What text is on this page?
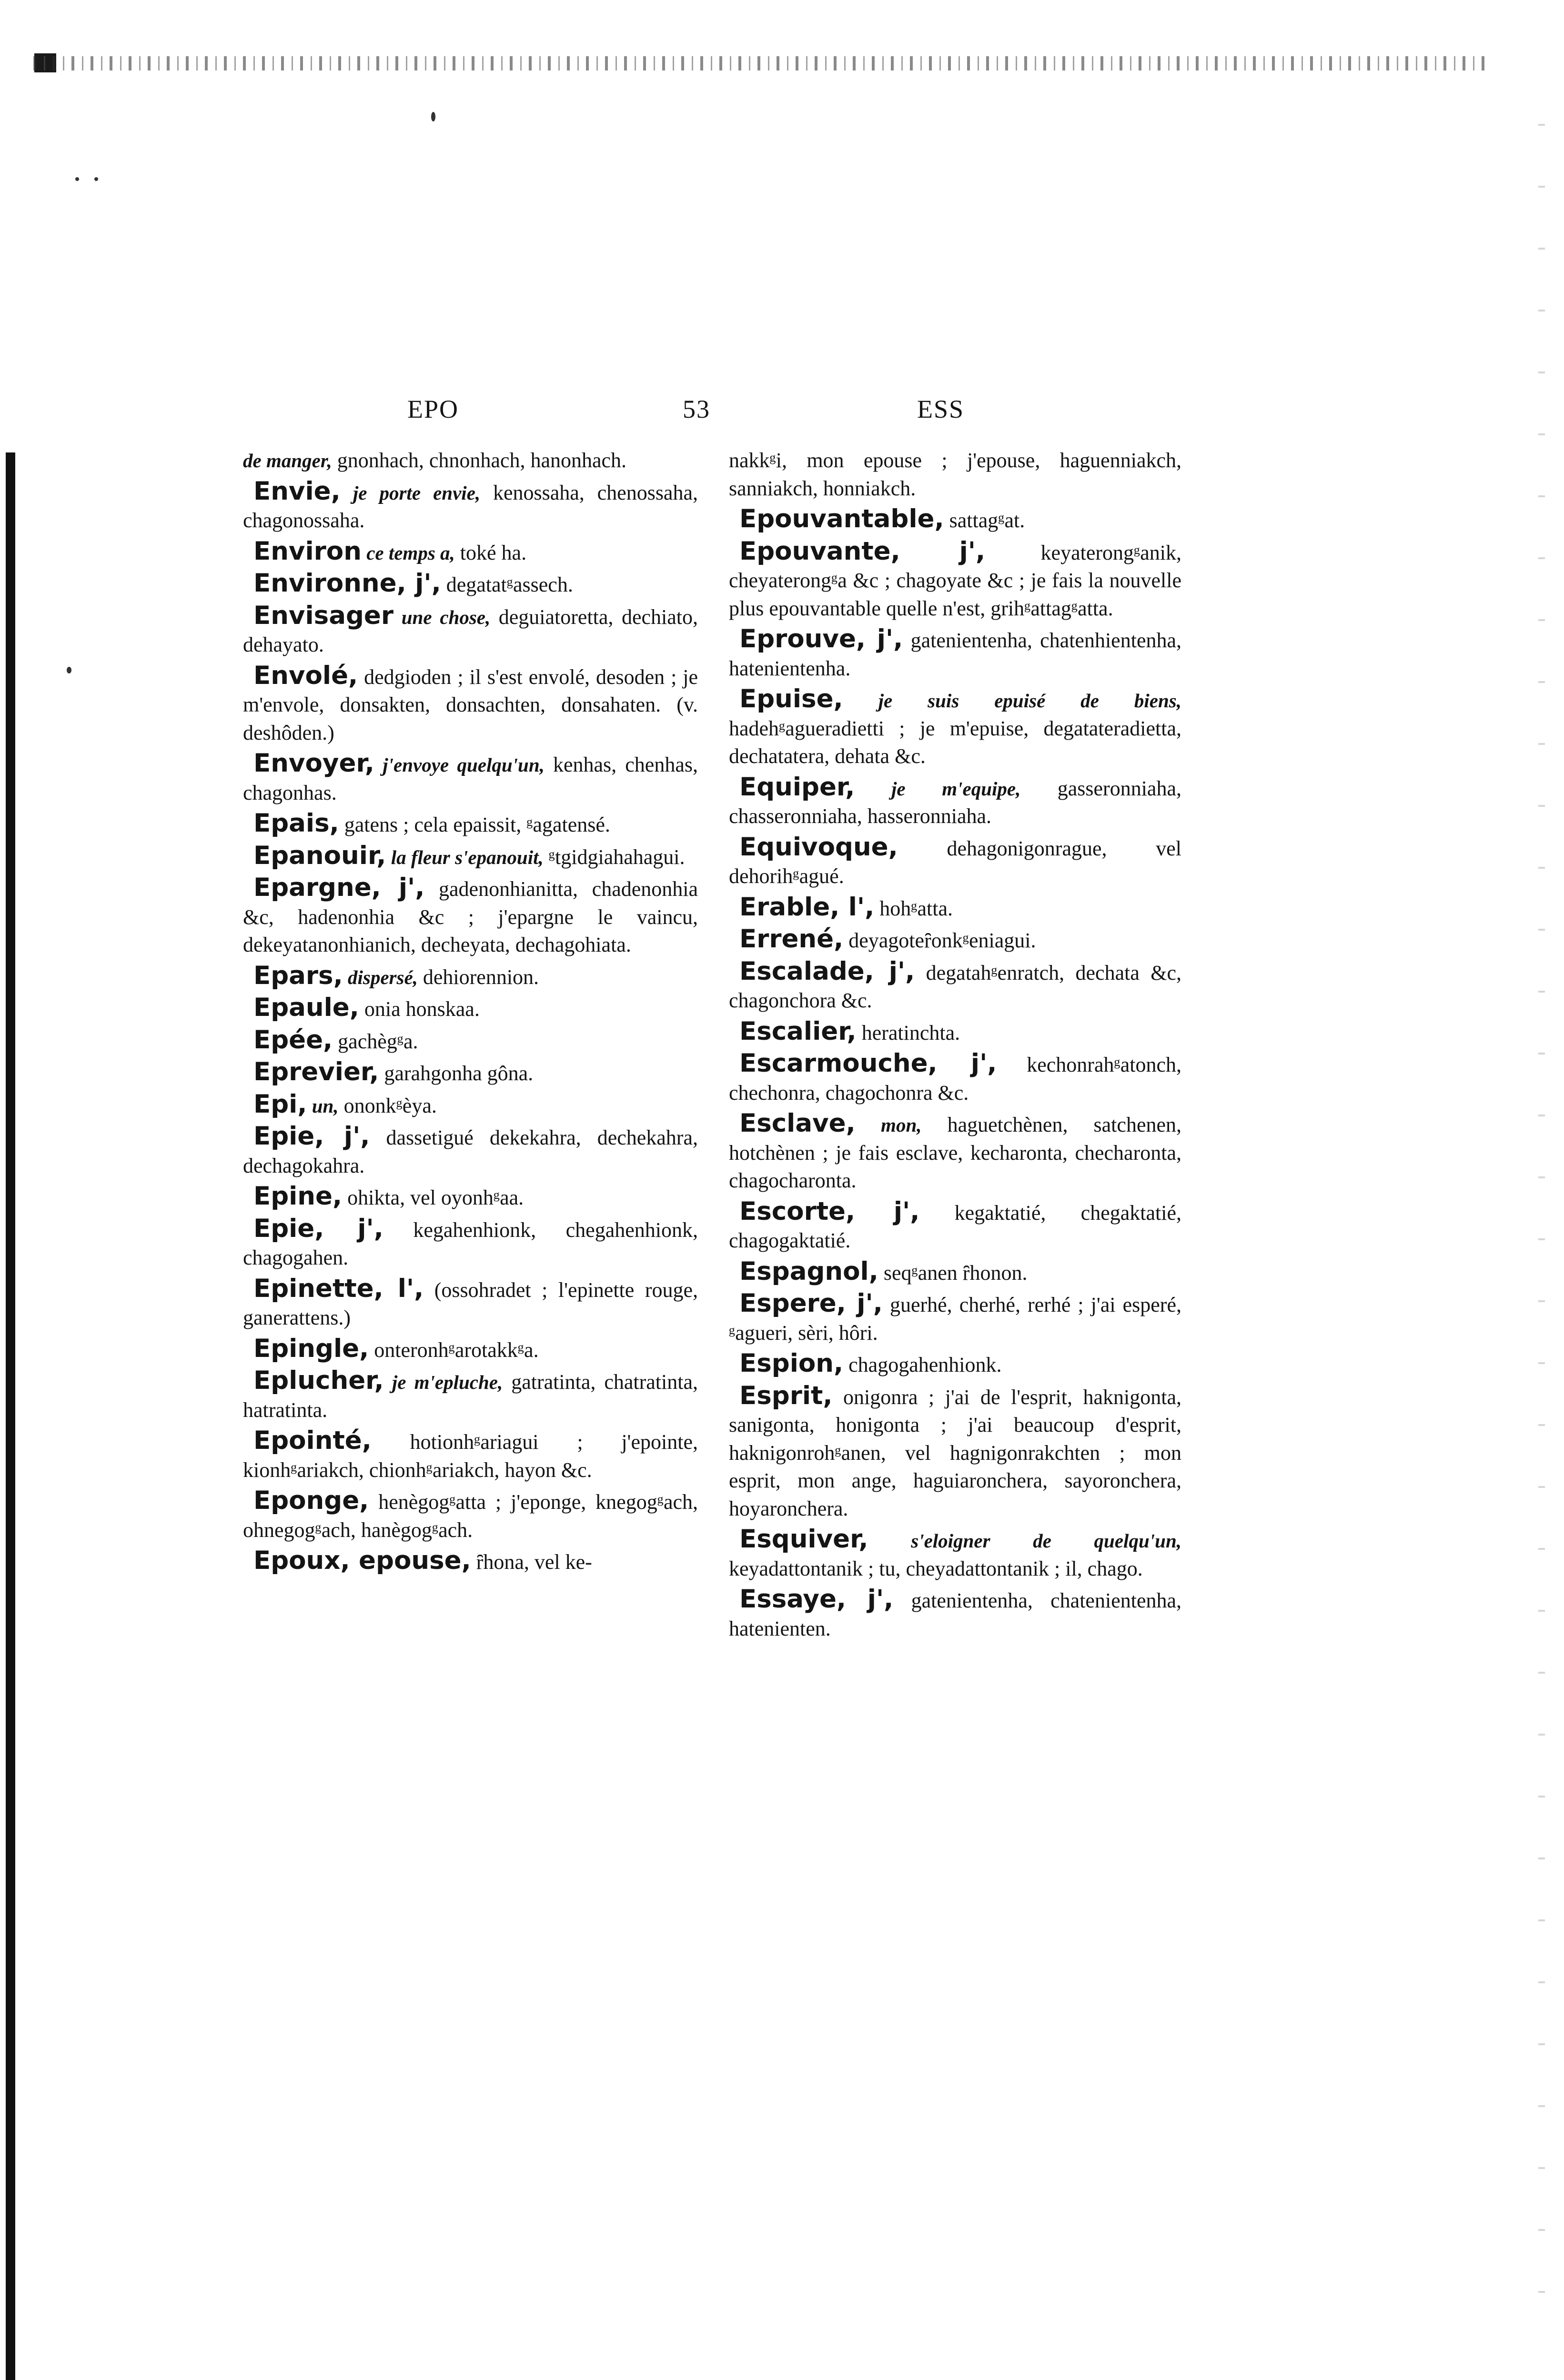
EPO	53	ESS

de manger, gnonhach, chnonhach, hanonhach.

Envie, je porte envie, kenossaha, chenossaha, chagonossaha.

Environ ce temps a, toké ha.

Environne, j', degatatᵍassech.

Envisager une chose, deguiatoretta, dechiato, dehayato.

Envolé, dedgioden ; il s'est envolé, desoden ; je m'envole, donsakten, donsachten, donsahaten. (v. deshôden.)

Envoyer, j'envoye quelqu'un, kenhas, chenhas, chagonhas.

Epais, gatens ; cela epaissit, ᵍagatensé.

Epanouir, la fleur s'epanouit, ᵍtgidgiahahagui.

Epargne, j', gadenonhianitta, chadenonhia &c, hadenonhia &c ; j'epargne le vaincu, dekeyatanonhianich, decheyata, dechagohiata.

Epars, dispersé, dehiorennion.

Epaule, onia honskaa.

Epée, gachègᵍa.

Eprevier, garahgonha gôna.

Epi, un, ononkᵍèya.

Epie, j', dassetigué dekekahra, dechekahra, dechagokahra.

Epine, ohikta, vel oyonhᵍaa.

Epie, j', kegahenhionk, chegahenhionk, chagogahen.

Epinette, l', (ossohradet ; l'epinette rouge, ganerattens.)

Epingle, onteronhᵍarotakkᵍa.

Eplucher, je m'epluche, gatratinta, chatratinta, hatratinta.

Epointé, hotionhᵍariagui ; j'epointe, kionhᵍariakch, chionhᵍariakch, hayon &c.

Eponge, henègogᵍatta ; j'eponge, knegogᵍach, ohnegogᵍach, hanègogᵍach.

Epoux, epouse, ȓhona, vel ke-

nakkᵍi, mon epouse ; j'epouse, haguenniakch, sanniakch, honniakch.

Epouvantable, sattagᵍat.

Epouvante, j', keyaterongᵍanik, cheyaterongᵍa &c ; chagoyate &c ; je fais la nouvelle plus epouvantable quelle n'est, grihᵍattagᵍatta.

Eprouve, j', gatenientenha, chatenhientenha, hatenientenha.

Epuise, je suis epuisé de biens, hadehᵍagueradietti ; je m'epuise, degatateradietta, dechatatera, dehata &c.

Equiper, je m'equipe, gasseronniaha, chasseronniaha, hasseronniaha.

Equivoque, dehagonigonrague, vel dehorihᵍagué.

Erable, l', hohᵍatta.

Errené, deyagoteȓonkᵍeniagui.

Escalade, j', degatahᵍenratch, dechata &c, chagonchora &c.

Escalier, heratinchta.

Escarmouche, j', kechonrahᵍatonch, chechonra, chagochonra &c.

Esclave, mon, haguetchènen, satchenen, hotchènen ; je fais esclave, kecharonta, checharonta, chagocharonta.

Escorte, j', kegaktatié, chegaktatié, chagogaktatié.

Espagnol, seqᵍanen ȓhonon.

Espere, j', guerhé, cherhé, rerhé ; j'ai esperé, ᵍagueri, sèri, hôri.

Espion, chagogahenhionk.

Esprit, onigonra ; j'ai de l'esprit, haknigonta, sanigonta, honigonta ; j'ai beaucoup d'esprit, haknigonrohᵍanen, vel hagnigonrakchten ; mon esprit, mon ange, haguiaronchera, sayoronchera, hoyaronchera.

Esquiver, s'eloigner de quelqu'un, keyadattontanik ; tu, cheyadattontanik ; il, chago.

Essaye, j', gatenientenha, chatenientenha, hatenienten.
